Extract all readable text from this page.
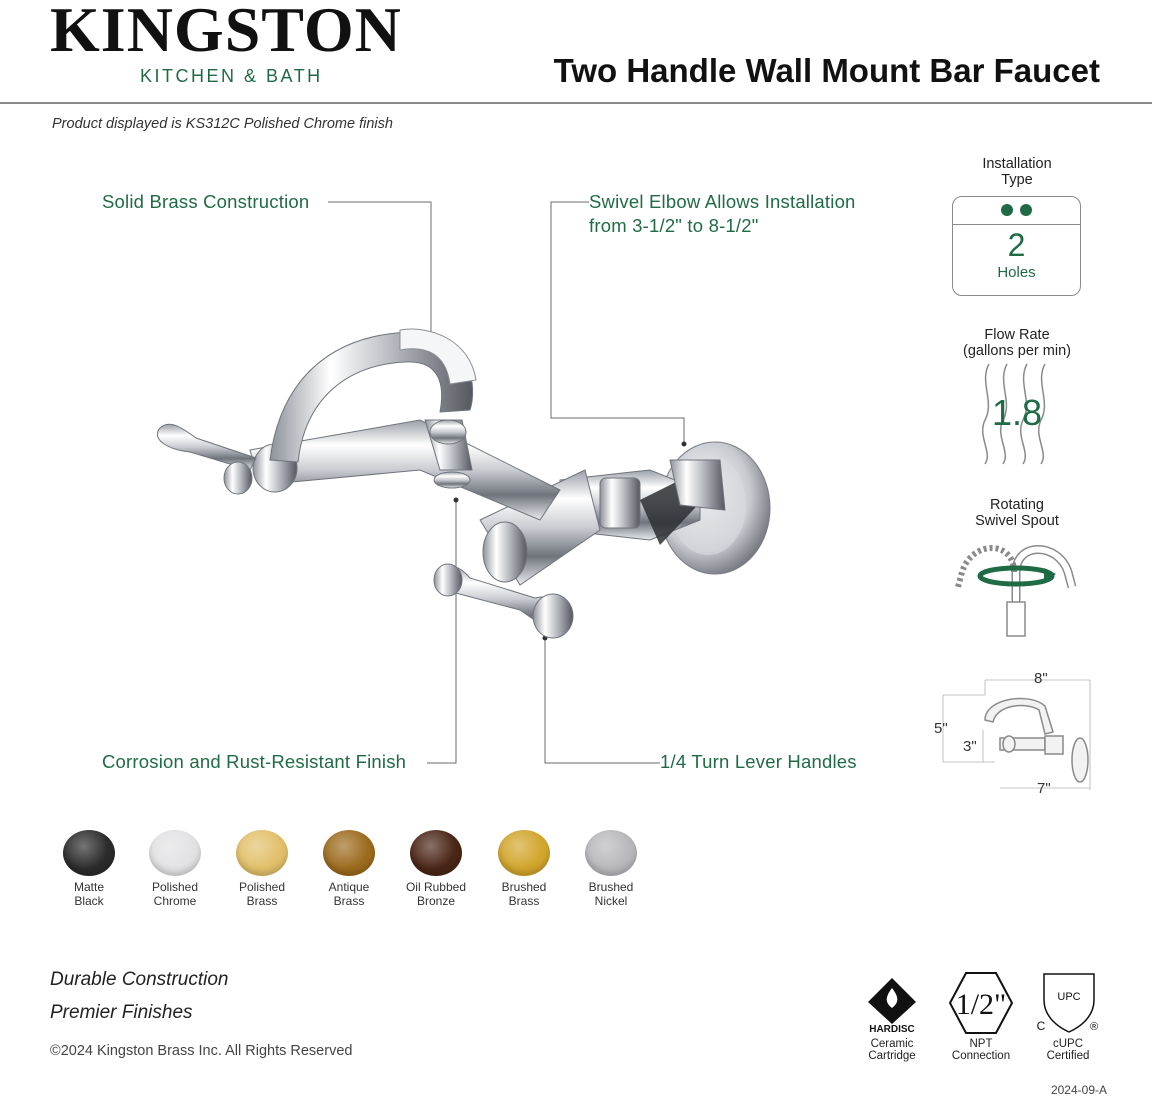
KINGSTON
KITCHEN & BATH	Two Handle Wall Mount Bar Faucet
Product displayed is KS312C Polished Chrome finish
Solid Brass Construction	Swivel Elbow Allows Installation
from 3-1/2" to 8-1/2"
Corrosion and Rust-Resistant Finish	1/4 Turn Lever Handles
Installation
Type
2
Holes
Flow Rate
(gallons per min)
1.8
Rotating
Swivel Spout
8"
5"
3"
7"
Matte
Black
Polished
Chrome
Polished
Brass
Antique
Brass
Oil Rubbed
Bronze
Brushed
Brass
Brushed
Nickel
Durable Construction
Premier Finishes
©2024 Kingston Brass Inc. All Rights Reserved
2024-09-A
HARDISC
Ceramic
Cartridge
1/2"
NPT
Connection
UPC
C	®
cUPC
Certified
